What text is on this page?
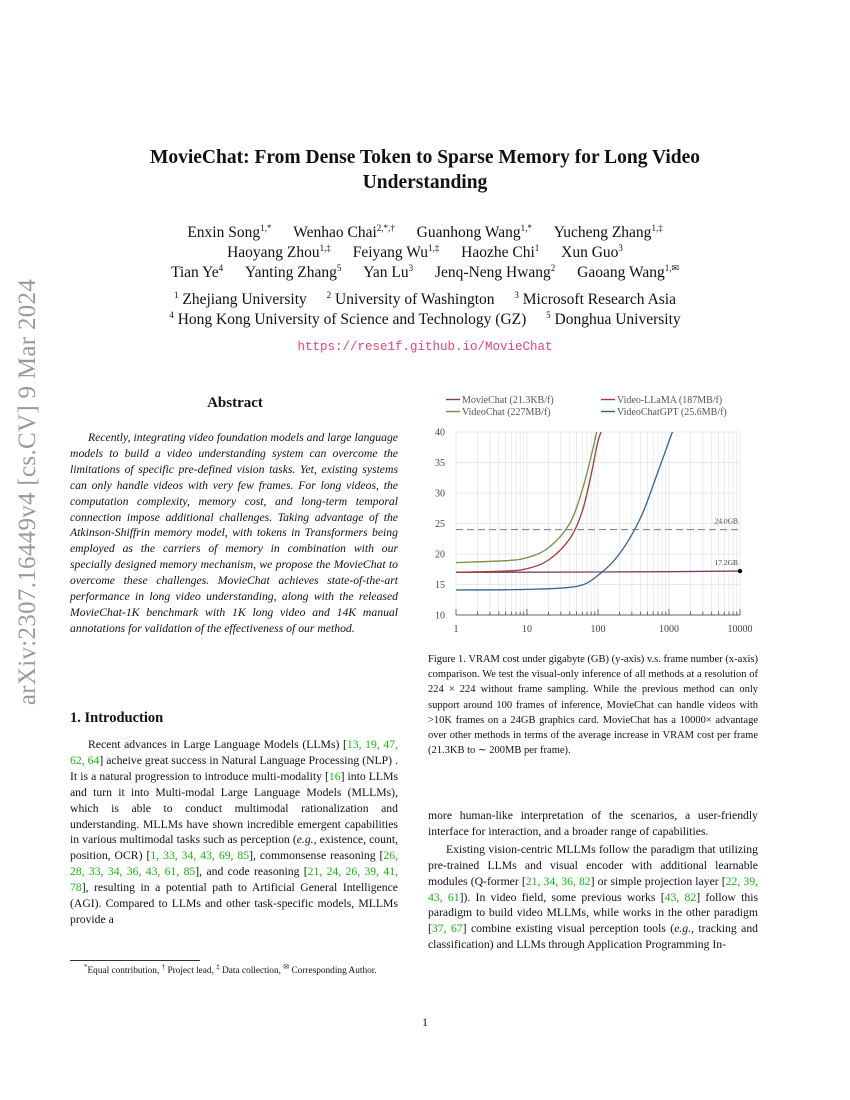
arXiv:2307.16449v4 [cs.CV] 9 Mar 2024
MovieChat: From Dense Token to Sparse Memory for Long Video Understanding
Enxin Song$^{1,*}$ Wenhao Chai$^{2,*,\dagger}$ Guanhong Wang$^{1,*}$ Yucheng Zhang$^{1,\ddagger}$
Haoyang Zhou$^{1,\ddagger}$ Feiyang $Wu^{1,\ddagger}$ Haozhe Chi$^1$ Xun Guo$^3$
Tian Ye$^4$ Yanting Zhang$^5$ Yan Lu$^3$ Jenq-Neng Hwang$^2$ Gaoang Wang$^{1,✉}$
$^1$ Zhejiang University $^2$ University of Washington $^3$ Microsoft Research Asia
$^4$ Hong Kong University of Science and Technology (GZ) $^5$ Donghua University
https://rese1f.github.io/MovieChat
Abstract
Recently, integrating video foundation models and large language models to build a video understanding system can overcome the limitations of specific pre-defined vision tasks. Yet, existing systems can only handle videos with very few frames. For long videos, the computation complexity, memory cost, and long-term temporal connection impose additional challenges. Taking advantage of the Atkinson-Shiffrin memory model, with tokens in Transformers being employed as the carriers of memory in combination with our specially designed memory mechanism, we propose the MovieChat to overcome these challenges. MovieChat achieves state-of-the-art performance in long video understanding, along with the released MovieChat-1K benchmark with 1K long video and 14K manual annotations for validation of the effectiveness of our method.
1. Introduction
Recent advances in Large Language Models (LLMs) [13, 19, 47, 62, 64] acheive great success in Natural Language Processing (NLP) . It is a natural progression to introduce multi-modality [16] into LLMs and turn it into Multi-modal Large Language Models (MLLMs), which is able to conduct multimodal rationalization and understanding. MLLMs have shown incredible emergent capabilities in various multimodal tasks such as perception (e.g., existence, count, position, OCR) [1, 33, 34, 43, 69, 85], commonsense reasoning [26, 28, 33, 34, 36, 43, 61, 85], and code reasoning [21, 24, 26, 39, 41, 78], resulting in a potential path to Artificial General Intelligence (AGI). Compared to LLMs and other task-specific models, MLLMs provide a
*Equal contribution, † Project lead, ‡ Data collection, ✉ Corresponding Author.
1	10	100	1000	10000
10
15
20
25
30
35
40
24.0GB
17.2GB
MovieChat (21.3KB/f)	Video-LLaMA (187MB/f)
VideoChat (227MB/f)	VideoChatGPT (25.6MB/f)
Figure 1. VRAM cost under gigabyte (GB) (y-axis) v.s. frame number (x-axis) comparison. We test the visual-only inference of all methods at a resolution of 224 × 224 without frame sampling. While the previous method can only support around 100 frames of inference, MovieChat can handle videos with >10K frames on a 24GB graphics card. MovieChat has a 10000× advantage over other methods in terms of the average increase in VRAM cost per frame (21.3KB to ∼ 200MB per frame).

more human-like interpretation of the scenarios, a user-friendly interface for interaction, and a broader range of capabilities.

Existing vision-centric MLLMs follow the paradigm that utilizing pre-trained LLMs and visual encoder with additional learnable modules (Q-former [21, 34, 36, 82] or simple projection layer [22, 39, 43, 61]). In video field, some previous works [43, 82] follow this paradigm to build video MLLMs, while works in the other paradigm [37, 67] combine existing visual perception tools (e.g., tracking and classification) and LLMs through Application Programming In-

1
